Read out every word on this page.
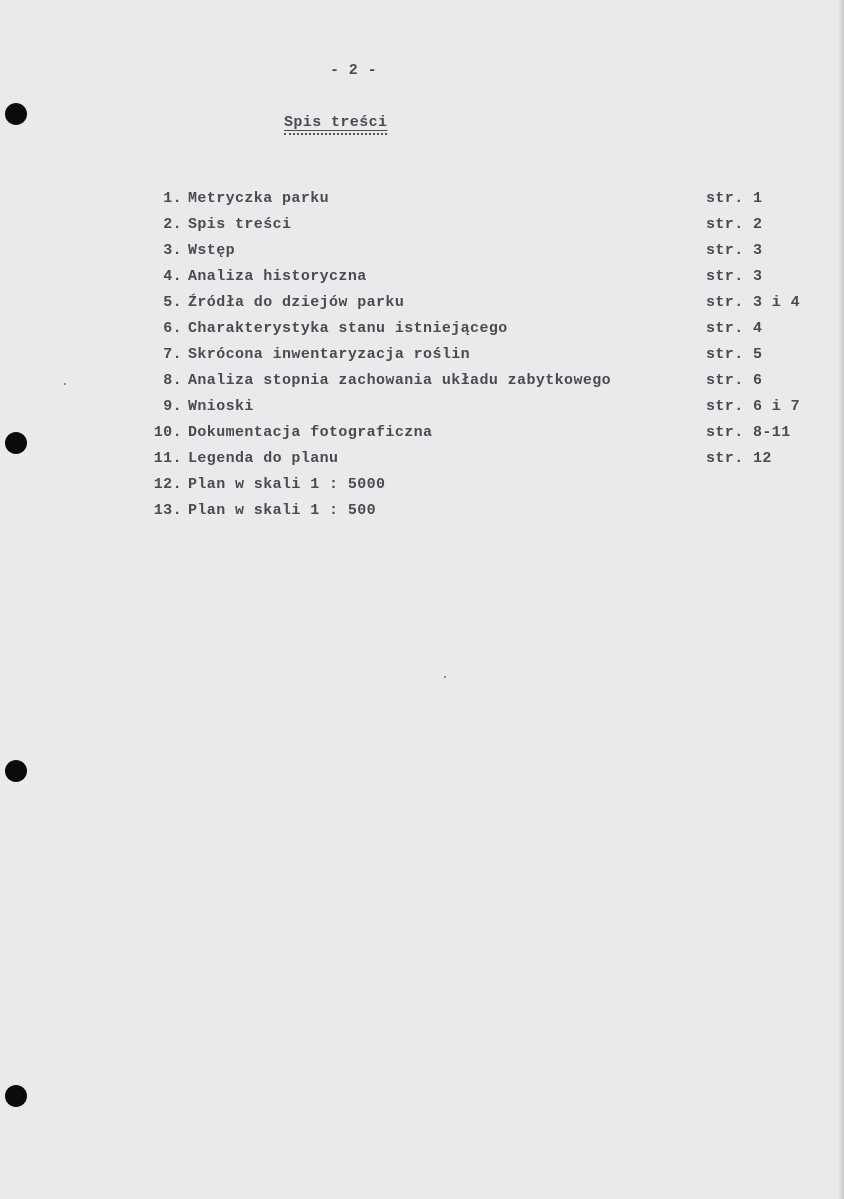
- 2 -
Spis treści
1. Metryczka parku	str. 1
2. Spis treści	str. 2
3. Wstęp	str. 3
4. Analiza historyczna	str. 3
5. Źródła do dziejów parku	str. 3 i 4
6. Charakterystyka stanu istniejącego	str. 4
7. Skrócona inwentaryzacja roślin	str. 5
8. Analiza stopnia zachowania układu zabytkowego	str. 6
9. Wnioski	str. 6 i 7
10. Dokumentacja fotograficzna	str. 8-11
11. Legenda do planu	str. 12
12. Plan w skali 1 : 5000
13. Plan w skali 1 : 500
